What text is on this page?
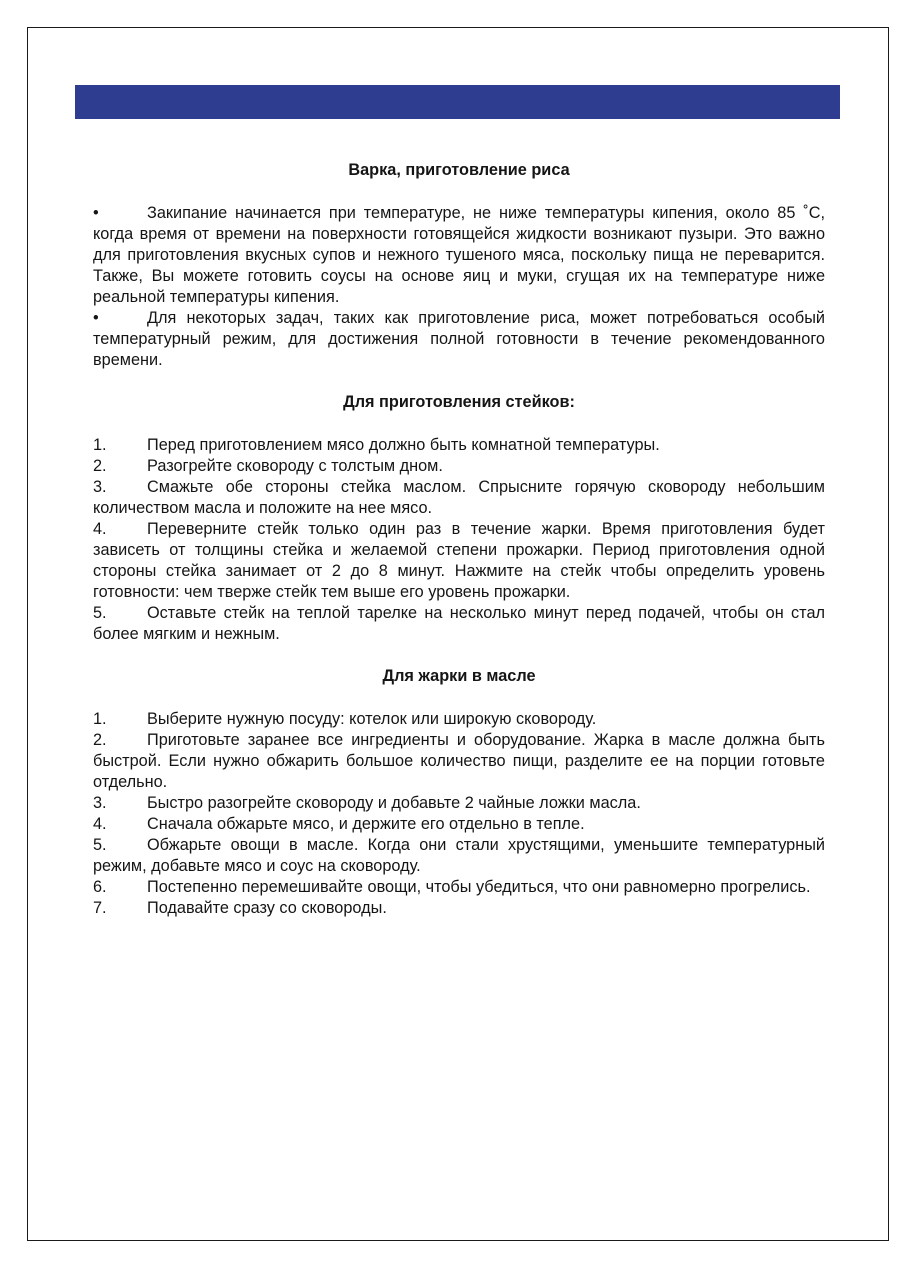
Варка, приготовление риса

•	Закипание начинается при температуре, не ниже температуры кипения, около 85 ˚С, когда время от времени на поверхности готовящейся жидкости возникают пузыри. Это важно для приготовления вкусных супов и нежного тушеного мяса, поскольку пища не переварится. Также, Вы можете готовить соусы на основе яиц и муки, сгущая их на температуре ниже реальной температуры кипения.

•	Для некоторых задач, таких как приготовление риса, может потребоваться особый температурный режим, для достижения полной готовности в течение рекомендованного времени.

Для приготовления стейков:

1. Перед приготовлением мясо должно быть комнатной температуры.

2. Разогрейте сковороду с толстым дном.

3. Смажьте обе стороны стейка маслом. Спрысните горячую сковороду небольшим количеством масла и положите на нее мясо.

4. Переверните стейк только один раз в течение жарки. Время приготовления будет зависеть от толщины стейка и желаемой степени прожарки. Период приготовления одной стороны стейка занимает от 2 до 8 минут. Нажмите на стейк чтобы определить уровень готовности: чем тверже стейк тем выше его уровень прожарки.

5. Оставьте стейк на теплой тарелке на несколько минут перед подачей, чтобы он стал более мягким и нежным.

Для жарки в масле

1. Выберите нужную посуду: котелок или широкую сковороду.

2. Приготовьте заранее все ингредиенты и оборудование. Жарка в масле должна быть быстрой. Если нужно обжарить большое количество пищи, разделите ее на порции готовьте отдельно.

3. Быстро разогрейте сковороду и добавьте 2 чайные ложки масла.

4. Сначала обжарьте мясо, и держите его отдельно в тепле.

5. Обжарьте овощи в масле. Когда они стали хрустящими, уменьшите температурный режим, добавьте мясо и соус на сковороду.

6. Постепенно перемешивайте овощи, чтобы убедиться, что они равномерно прогрелись.

7. Подавайте сразу со сковороды.
